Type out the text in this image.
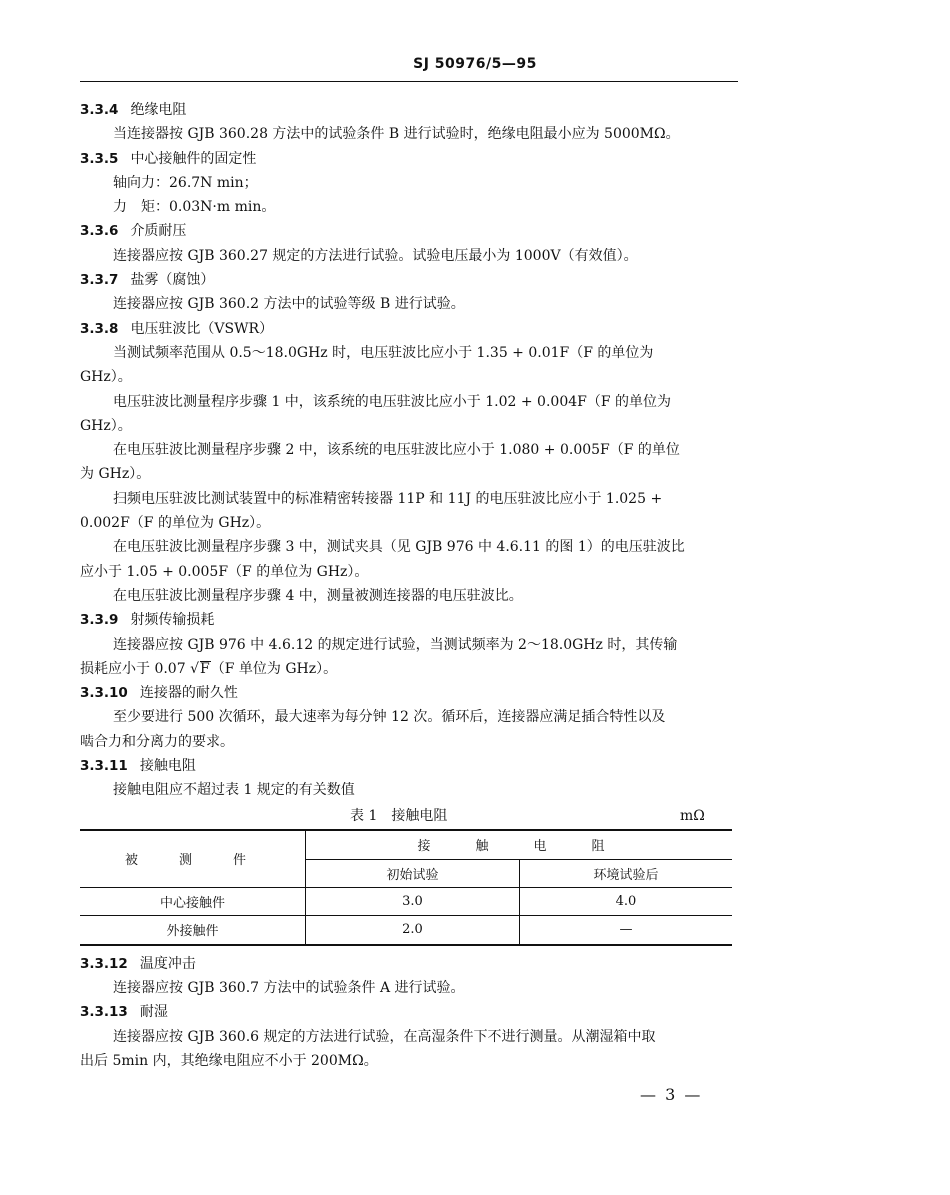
SJ 50976/5—95
3.3.4 绝缘电阻
当连接器按 GJB 360.28 方法中的试验条件 B 进行试验时，绝缘电阻最小应为 5000MΩ。
3.3.5 中心接触件的固定性
轴向力：26.7N min；
力　矩：0.03N·m min。
3.3.6 介质耐压
连接器应按 GJB 360.27 规定的方法进行试验。试验电压最小为 1000V（有效值）。
3.3.7 盐雾（腐蚀）
连接器应按 GJB 360.2 方法中的试验等级 B 进行试验。
3.3.8 电压驻波比（VSWR）
当测试频率范围从 0.5～18.0GHz 时，电压驻波比应小于 1.35 + 0.01F（F 的单位为
GHz）。
电压驻波比测量程序步骤 1 中，该系统的电压驻波比应小于 1.02 + 0.004F（F 的单位为
GHz）。
在电压驻波比测量程序步骤 2 中，该系统的电压驻波比应小于 1.080 + 0.005F（F 的单位
为 GHz）。
扫频电压驻波比测试装置中的标准精密转接器 11P 和 11J 的电压驻波比应小于 1.025 +
0.002F（F 的单位为 GHz）。
在电压驻波比测量程序步骤 3 中，测试夹具（见 GJB 976 中 4.6.11 的图 1）的电压驻波比
应小于 1.05 + 0.005F（F 的单位为 GHz）。
在电压驻波比测量程序步骤 4 中，测量被测连接器的电压驻波比。
3.3.9 射频传输损耗
连接器应按 GJB 976 中 4.6.12 的规定进行试验，当测试频率为 2～18.0GHz 时，其传输
损耗应小于 0.07 √F（F 单位为 GHz）。
3.3.10 连接器的耐久性
至少要进行 500 次循环，最大速率为每分钟 12 次。循环后，连接器应满足插合特性以及
啮合力和分离力的要求。
3.3.11 接触电阻
接触电阻应不超过表 1 规定的有关数值
表 1　接触电阻	mΩ
被　测　件	接　触　电　阻	
	初始试验	环境试验后
中心接触件	3.0	4.0
外接触件	2.0	—
3.3.12 温度冲击
连接器应按 GJB 360.7 方法中的试验条件 A 进行试验。
3.3.13 耐湿
连接器应按 GJB 360.6 规定的方法进行试验，在高湿条件下不进行测量。从潮湿箱中取
出后 5min 内，其绝缘电阻应不小于 200MΩ。
— 3 —
